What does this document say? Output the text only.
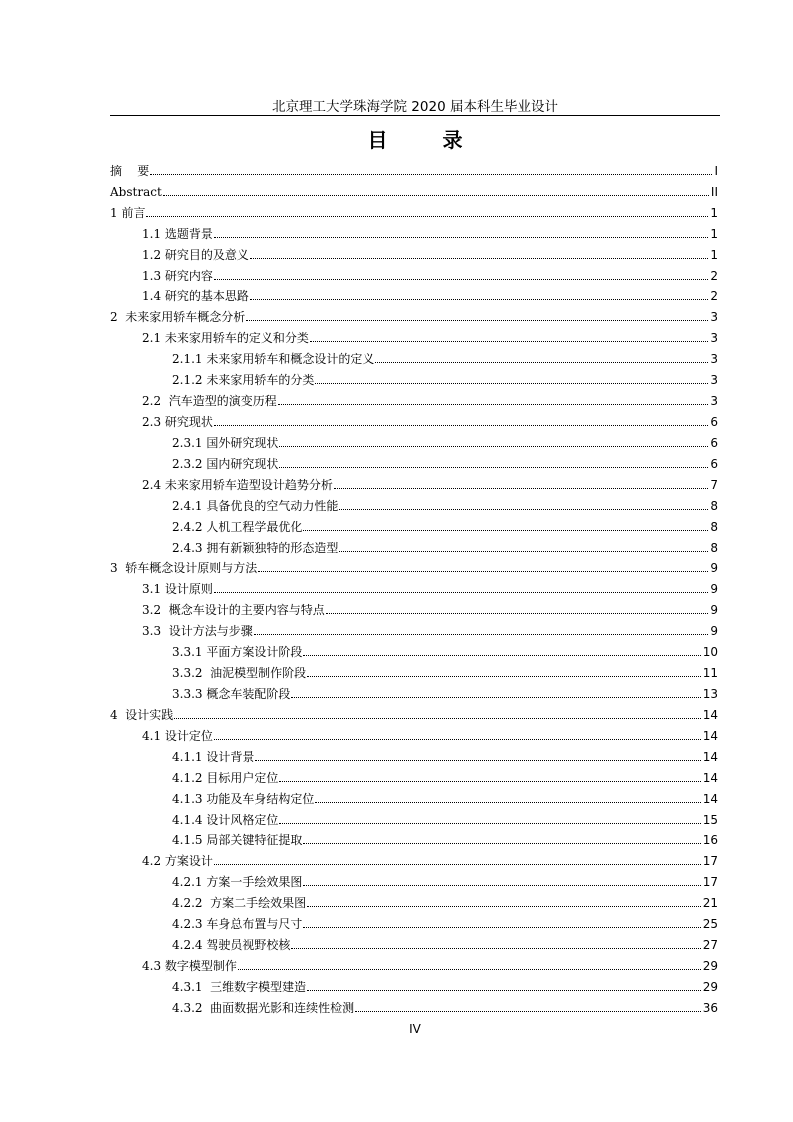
北京理工大学珠海学院 2020 届本科生毕业设计
目 录
摘    要	I
Abstract	II
1 前言	1
1.1 选题背景	1
1.2 研究目的及意义	1
1.3 研究内容	2
1.4 研究的基本思路	2
2  未来家用轿车概念分析	3
2.1 未来家用轿车的定义和分类	3
2.1.1 未来家用轿车和概念设计的定义	3
2.1.2 未来家用轿车的分类	3
2.2  汽车造型的演变历程	3
2.3 研究现状	6
2.3.1 国外研究现状	6
2.3.2 国内研究现状	6
2.4 未来家用轿车造型设计趋势分析	7
2.4.1 具备优良的空气动力性能	8
2.4.2 人机工程学最优化	8
2.4.3 拥有新颖独特的形态造型	8
3  轿车概念设计原则与方法	9
3.1 设计原则	9
3.2  概念车设计的主要内容与特点	9
3.3  设计方法与步骤	9
3.3.1 平面方案设计阶段	10
3.3.2  油泥模型制作阶段	11
3.3.3 概念车装配阶段	13
4  设计实践	14
4.1 设计定位	14
4.1.1 设计背景	14
4.1.2 目标用户定位	14
4.1.3 功能及车身结构定位	14
4.1.4 设计风格定位	15
4.1.5 局部关键特征提取	16
4.2 方案设计	17
4.2.1 方案一手绘效果图	17
4.2.2  方案二手绘效果图	21
4.2.3 车身总布置与尺寸	25
4.2.4 驾驶员视野校核	27
4.3 数字模型制作	29
4.3.1  三维数字模型建造	29
4.3.2  曲面数据光影和连续性检测	36
IV
